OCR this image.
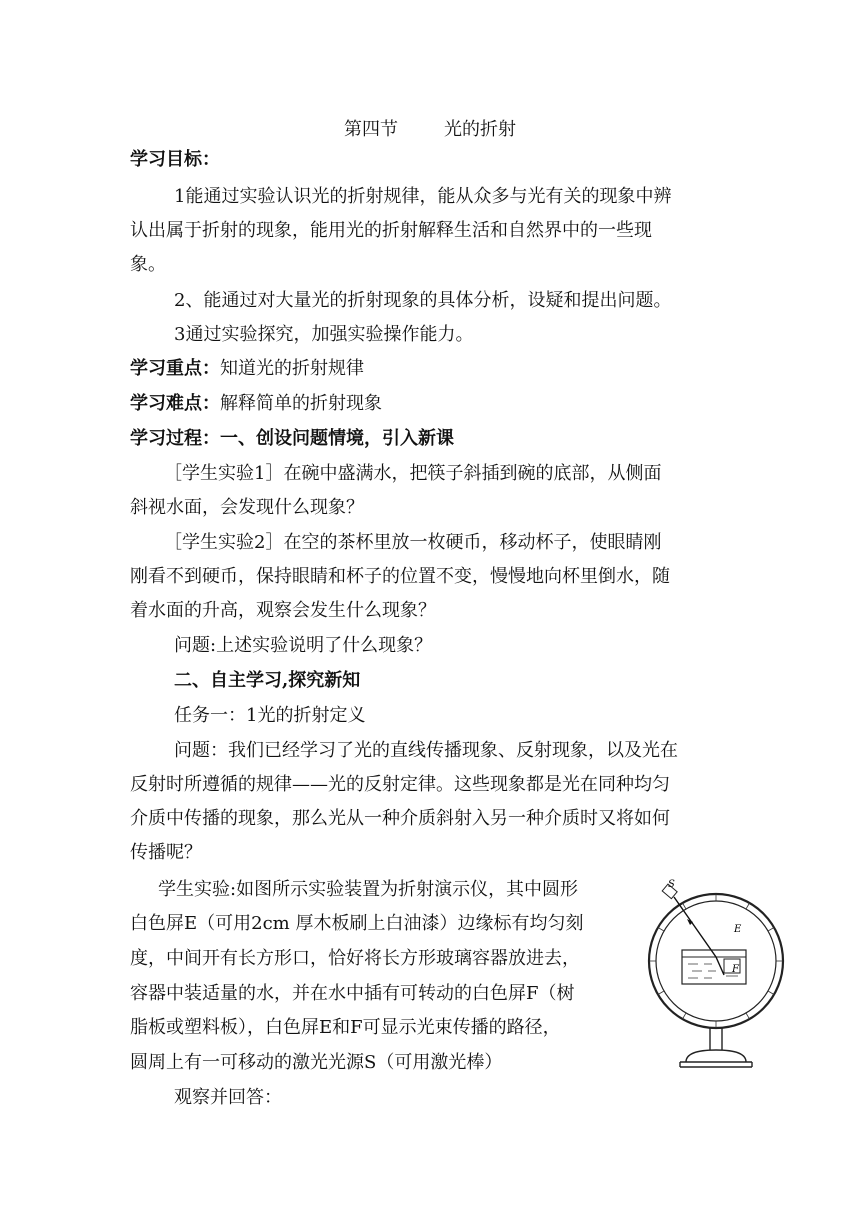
第四节	光的折射
学习目标：
1能通过实验认识光的折射规律，能从众多与光有关的现象中辨
认出属于折射的现象，能用光的折射解释生活和自然界中的一些现
象。
2、能通过对大量光的折射现象的具体分析，设疑和提出问题。
3通过实验探究，加强实验操作能力。
学习重点：知道光的折射规律
学习难点：解释简单的折射现象
学习过程：一、创设问题情境，引入新课
［学生实验1］在碗中盛满水，把筷子斜插到碗的底部，从侧面
斜视水面，会发现什么现象？
［学生实验2］在空的茶杯里放一枚硬币，移动杯子，使眼睛刚
刚看不到硬币，保持眼睛和杯子的位置不变，慢慢地向杯里倒水，随
着水面的升高，观察会发生什么现象？
问题:上述实验说明了什么现象？
二、自主学习,探究新知
任务一：1光的折射定义
问题：我们已经学习了光的直线传播现象、反射现象，以及光在
反射时所遵循的规律——光的反射定律。这些现象都是光在同种均匀
介质中传播的现象，那么光从一种介质斜射入另一种介质时又将如何
传播呢？
学生实验:如图所示实验装置为折射演示仪，其中圆形
白色屏E（可用2cm 厚木板刷上白油漆）边缘标有均匀刻
度，中间开有长方形口，恰好将长方形玻璃容器放进去，
容器中装适量的水，并在水中插有可转动的白色屏F（树
脂板或塑料板），白色屏E和F可显示光束传播的路径，
圆周上有一可移动的激光光源S（可用激光棒）
观察并回答：
S
E
F
